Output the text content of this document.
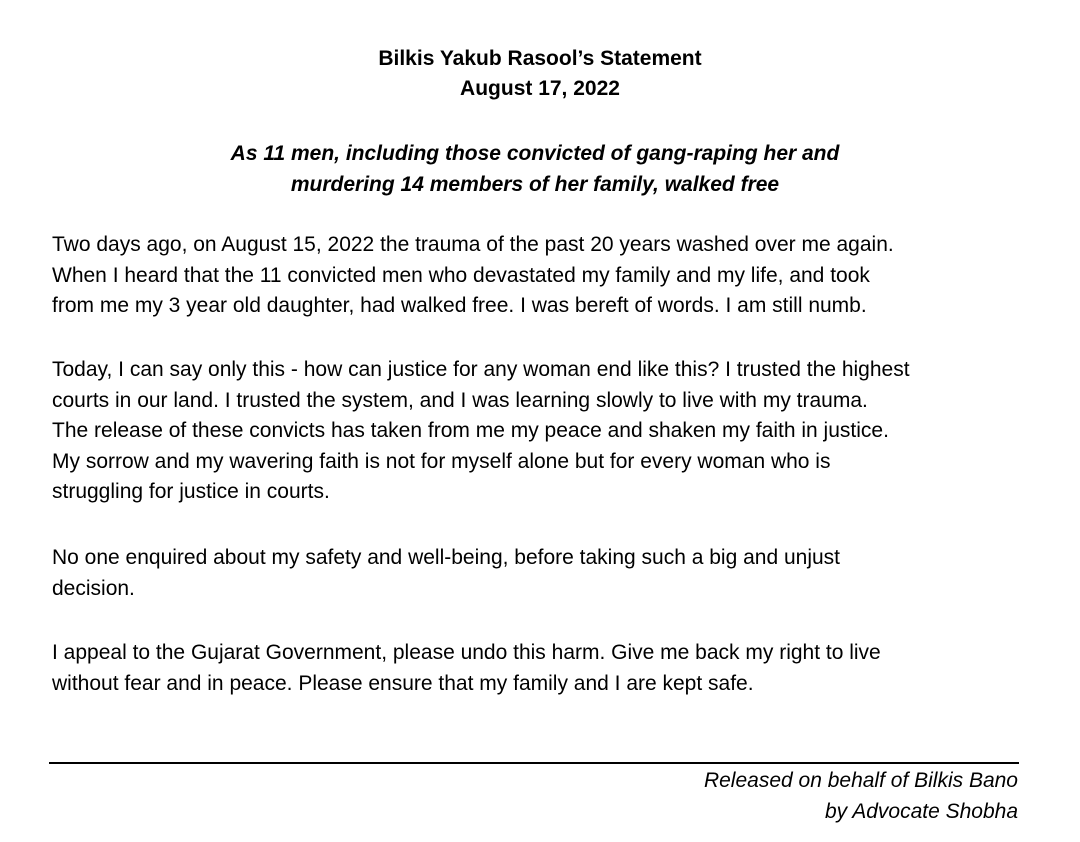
Bilkis Yakub Rasool’s Statement
August 17, 2022
As 11 men, including those convicted of gang-raping her and
murdering 14 members of her family, walked free
Two days ago, on August 15, 2022 the trauma of the past 20 years washed over me again.
When I heard that the 11 convicted men who devastated my family and my life, and took
from me my 3 year old daughter, had walked free. I was bereft of words. I am still numb.
Today, I can say only this - how can justice for any woman end like this? I trusted the highest
courts in our land. I trusted the system, and I was learning slowly to live with my trauma.
The release of these convicts has taken from me my peace and shaken my faith in justice.
My sorrow and my wavering faith is not for myself alone but for every woman who is
struggling for justice in courts.
No one enquired about my safety and well-being, before taking such a big and unjust
decision.
I appeal to the Gujarat Government, please undo this harm. Give me back my right to live
without fear and in peace. Please ensure that my family and I are kept safe.
Released on behalf of Bilkis Bano
by Advocate Shobha
